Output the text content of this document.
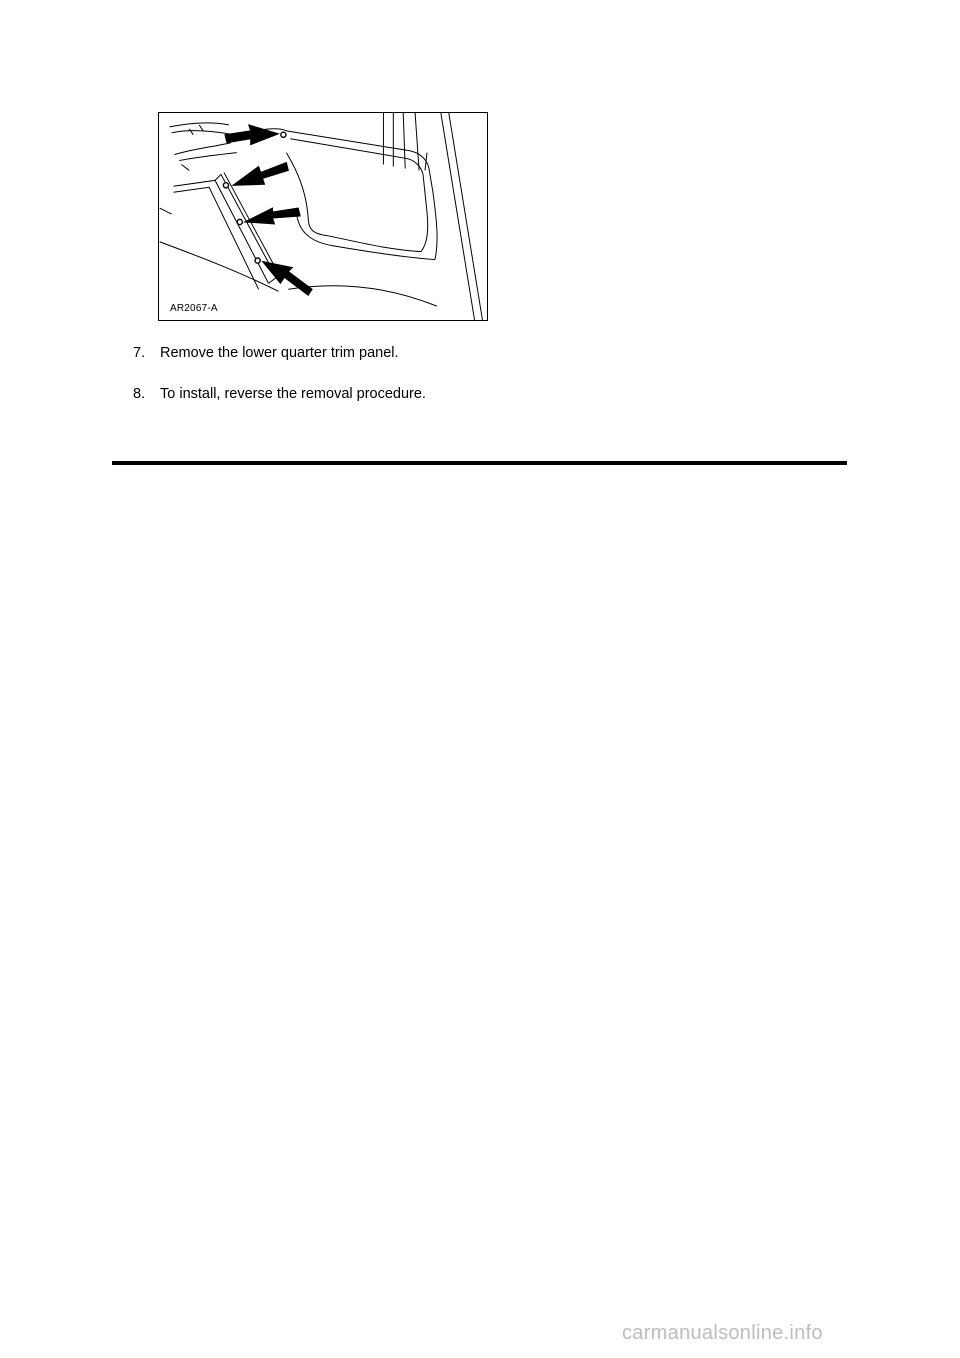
AR2067-A
7. Remove the lower quarter trim panel.
8. To install, reverse the removal procedure.
carmanualsonline.info
